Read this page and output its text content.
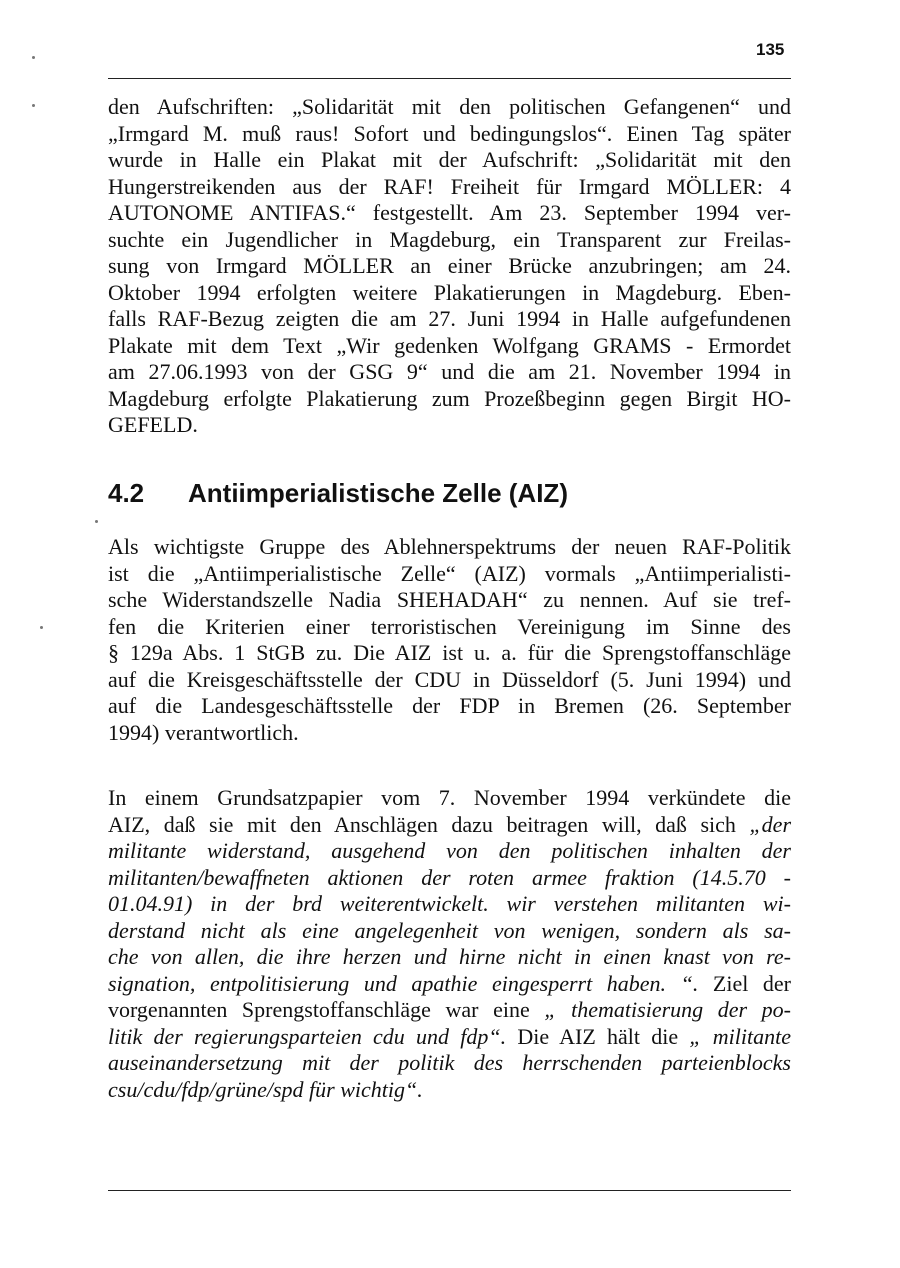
135
den Aufschriften: „Solidarität mit den politischen Gefangenen“ und
„Irmgard M. muß raus! Sofort und bedingungslos“. Einen Tag später
wurde in Halle ein Plakat mit der Aufschrift: „Solidarität mit den
Hungerstreikenden aus der RAF! Freiheit für Irmgard MÖLLER: 4
AUTONOME ANTIFAS.“ festgestellt. Am 23. September 1994 ver-
suchte ein Jugendlicher in Magdeburg, ein Transparent zur Freilas-
sung von Irmgard MÖLLER an einer Brücke anzubringen; am 24.
Oktober 1994 erfolgten weitere Plakatierungen in Magdeburg. Eben-
falls RAF-Bezug zeigten die am 27. Juni 1994 in Halle aufgefundenen
Plakate mit dem Text „Wir gedenken Wolfgang GRAMS - Ermordet
am 27.06.1993 von der GSG 9“ und die am 21. November 1994 in
Magdeburg erfolgte Plakatierung zum Prozeßbeginn gegen Birgit HO-
GEFELD.
4.2 Antiimperialistische Zelle (AIZ)
Als wichtigste Gruppe des Ablehnerspektrums der neuen RAF-Politik
ist die „Antiimperialistische Zelle“ (AIZ) vormals „Antiimperialisti-
sche Widerstandszelle Nadia SHEHADAH“ zu nennen. Auf sie tref-
fen die Kriterien einer terroristischen Vereinigung im Sinne des
§ 129a Abs. 1 StGB zu. Die AIZ ist u. a. für die Sprengstoffanschläge
auf die Kreisgeschäftsstelle der CDU in Düsseldorf (5. Juni 1994) und
auf die Landesgeschäftsstelle der FDP in Bremen (26. September
1994) verantwortlich.
In einem Grundsatzpapier vom 7. November 1994 verkündete die
AIZ, daß sie mit den Anschlägen dazu beitragen will, daß sich „der
militante widerstand, ausgehend von den politischen inhalten der
militanten/bewaffneten aktionen der roten armee fraktion (14.5.70 -
01.04.91) in der brd weiterentwickelt. wir verstehen militanten wi-
derstand nicht als eine angelegenheit von wenigen, sondern als sa-
che von allen, die ihre herzen und hirne nicht in einen knast von re-
signation, entpolitisierung und apathie eingesperrt haben. “. Ziel der
vorgenannten Sprengstoffanschläge war eine „ thematisierung der po-
litik der regierungsparteien cdu und fdp“. Die AIZ hält die „ militante
auseinandersetzung mit der politik des herrschenden parteienblocks
csu/cdu/fdp/grüne/spd für wichtig“.
